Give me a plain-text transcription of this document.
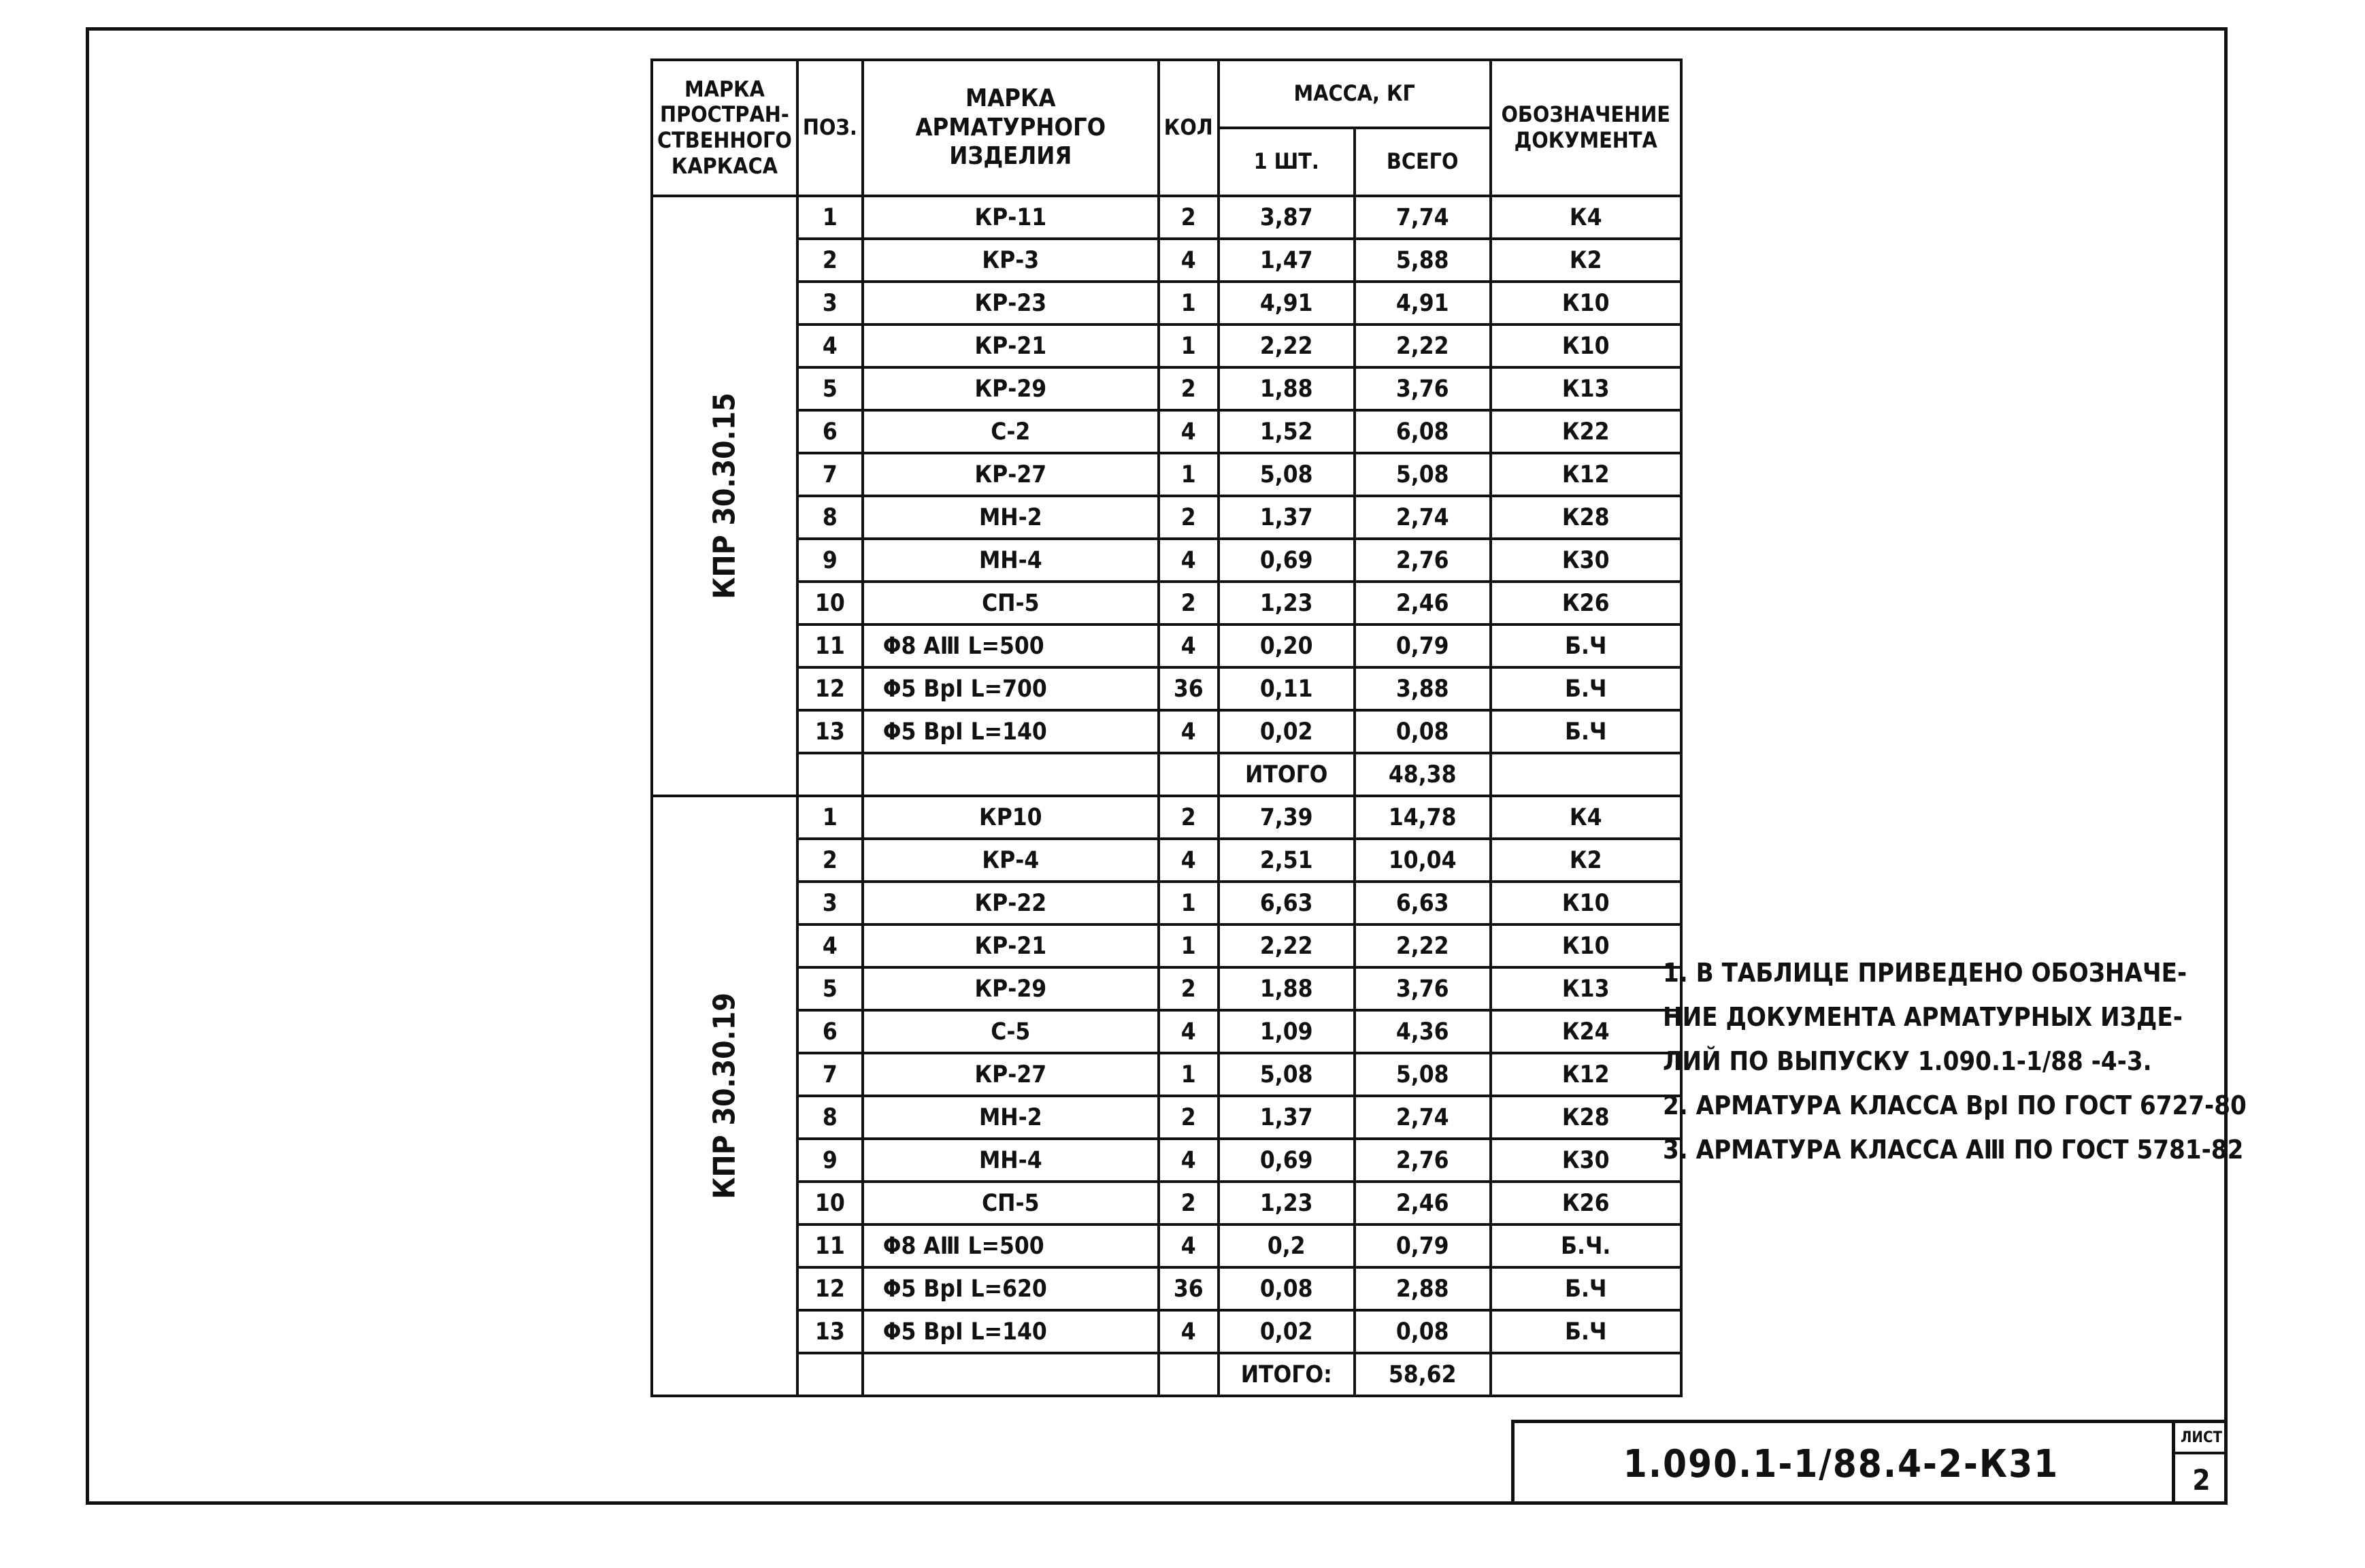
МАРКА ПРОСТРАН-СТВЕННОГО КАРКАСА	ПОЗ.	МАРКА АРМАТУРНОГО ИЗДЕЛИЯ	КОЛ	МАССА, КГ		ОБОЗНАЧЕНИЕ ДОКУМЕНТА
				1 ШТ.	ВСЕГО	

КПР 30.30.15	1	КР-11	2	3,87	7,74	К4
	2	КР-3	4	1,47	5,88	К2
	3	КР-23	1	4,91	4,91	К10
	4	КР-21	1	2,22	2,22	К10
	5	КР-29	2	1,88	3,76	К13
	6	С-2	4	1,52	6,08	К22
	7	КР-27	1	5,08	5,08	К12
	8	МН-2	2	1,37	2,74	К28
	9	МН-4	4	0,69	2,76	К30
	10	СП-5	2	1,23	2,46	К26
	11	Φ8 АⅢ L=500	4	0,20	0,79	Б.Ч
	12	Φ5 ВрⅠ L=700	36	0,11	3,88	Б.Ч
	13	Φ5 ВрⅠ L=140	4	0,02	0,08	Б.Ч
				ИТОГО	48,38	

КПР 30.30.19	1	КР10	2	7,39	14,78	К4
	2	КР-4	4	2,51	10,04	К2
	3	КР-22	1	6,63	6,63	К10
	4	КР-21	1	2,22	2,22	К10
	5	КР-29	2	1,88	3,76	К13
	6	С-5	4	1,09	4,36	К24
	7	КР-27	1	5,08	5,08	К12
	8	МН-2	2	1,37	2,74	К28
	9	МН-4	4	0,69	2,76	К30
	10	СП-5	2	1,23	2,46	К26
	11	Φ8 АⅢ L=500	4	0,2	0,79	Б.Ч.
	12	Φ5 ВрⅠ L=620	36	0,08	2,88	Б.Ч
	13	Φ5 ВрⅠ L=140	4	0,02	0,08	Б.Ч
				ИТОГО:	58,62	
1. В ТАБЛИЦЕ ПРИВЕДЕНО ОБОЗНАЧЕ-
НИЕ ДОКУМЕНТА АРМАТУРНЫХ ИЗДЕ-
ЛИЙ ПО ВЫПУСКУ 1.090.1-1/88 -4-3.
2. АРМАТУРА КЛАССА ВрⅠ ПО ГОСТ 6727-80
3. АРМАТУРА КЛАССА АⅢ ПО ГОСТ 5781-82
1.090.1-1/88.4-2-К31
ЛИСТ
2
